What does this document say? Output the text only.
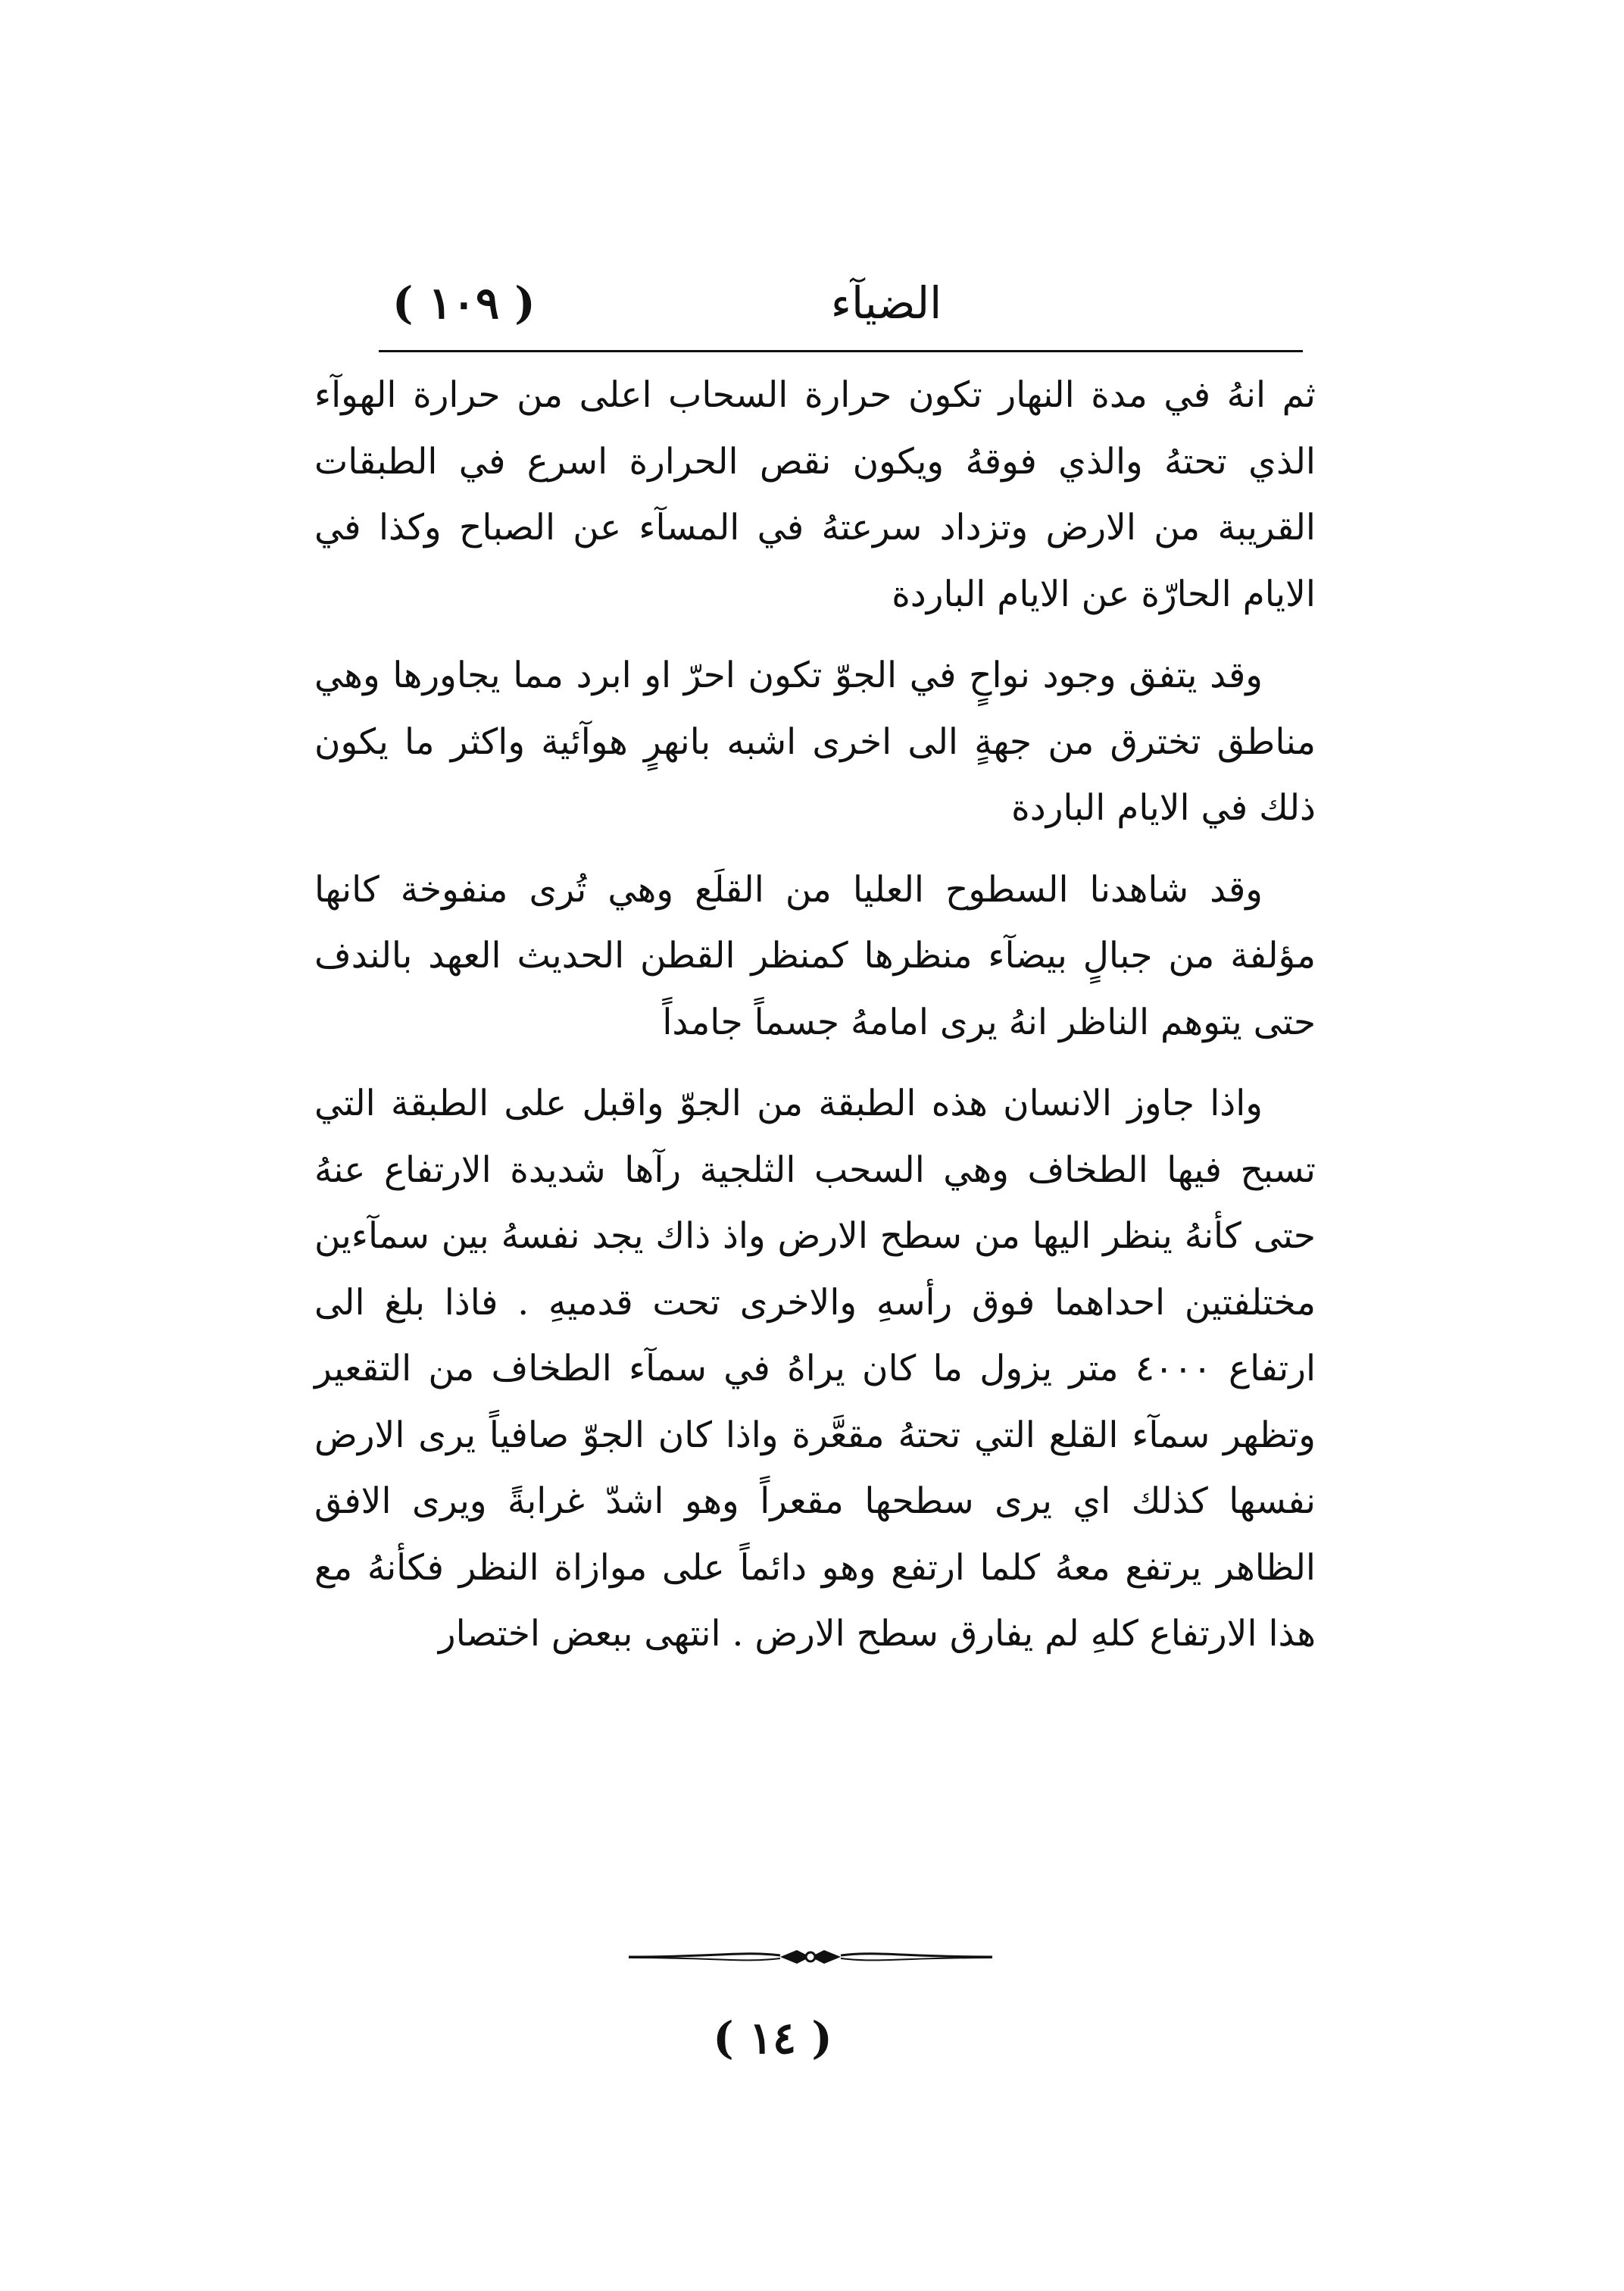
الضيآء
( ١٠٩ )

ثم انهُ في مدة النهار تكون حرارة السحاب اعلى من حرارة الهوآء الذي تحتهُ والذي فوقهُ ويكون نقص الحرارة اسرع في الطبقات القريبة من الارض وتزداد سرعتهُ في المسآء عن الصباح وكذا في الايام الحارّة عن الايام الباردة

وقد يتفق وجود نواحٍ في الجوّ تكون احرّ او ابرد مما يجاورها وهي مناطق تخترق من جهةٍ الى اخرى اشبه بانهرٍ هوآئية واكثر ما يكون ذلك في الايام الباردة

وقد شاهدنا السطوح العليا من القلَع وهي تُرى منفوخة كانها مؤلفة من جبالٍ بيضآء منظرها كمنظر القطن الحديث العهد بالندف حتى يتوهم الناظر انهُ يرى امامهُ جسماً جامداً

واذا جاوز الانسان هذه الطبقة من الجوّ واقبل على الطبقة التي تسبح فيها الطخاف وهي السحب الثلجية رآها شديدة الارتفاع عنهُ حتى كأنهُ ينظر اليها من سطح الارض واذ ذاك يجد نفسهُ بين سمآءين مختلفتين احداهما فوق رأسهِ والاخرى تحت قدميهِ . فاذا بلغ الى ارتفاع ٤٠٠٠ متر يزول ما كان يراهُ في سمآء الطخاف من التقعير وتظهر سمآء القلع التي تحتهُ مقعَّرة واذا كان الجوّ صافياً يرى الارض نفسها كذلك اي يرى سطحها مقعراً وهو اشدّ غرابةً ويرى الافق الظاهر يرتفع معهُ كلما ارتفع وهو دائماً على موازاة النظر فكأنهُ مع هذا الارتفاع كلهِ لم يفارق سطح الارض . انتهى ببعض اختصار

( ١٤ )
